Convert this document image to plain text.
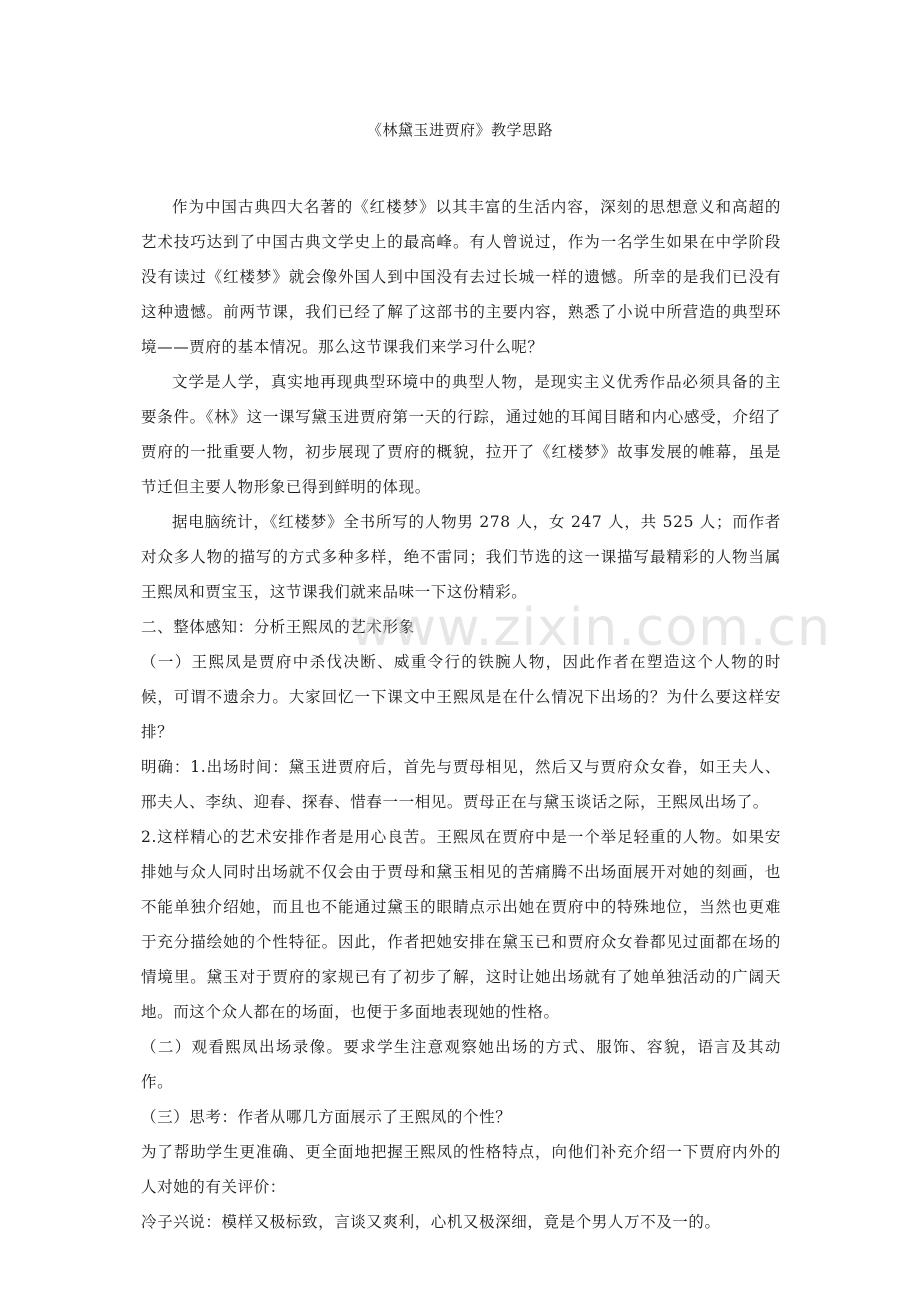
《林黛玉进贾府》教学思路

作为中国古典四大名著的《红楼梦》以其丰富的生活内容，深刻的思想意义和高超的艺术技巧达到了中国古典文学史上的最高峰。有人曾说过，作为一名学生如果在中学阶段没有读过《红楼梦》就会像外国人到中国没有去过长城一样的遗憾。所幸的是我们已没有这种遗憾。前两节课，我们已经了解了这部书的主要内容，熟悉了小说中所营造的典型环境——贾府的基本情况。那么这节课我们来学习什么呢？

文学是人学，真实地再现典型环境中的典型人物，是现实主义优秀作品必须具备的主要条件。《林》这一课写黛玉进贾府第一天的行踪，通过她的耳闻目睹和内心感受，介绍了贾府的一批重要人物，初步展现了贾府的概貌，拉开了《红楼梦》故事发展的帷幕，虽是节迁但主要人物形象已得到鲜明的体现。

据电脑统计，《红楼梦》全书所写的人物男 278 人，女 247 人，共 525 人；而作者对众多人物的描写的方式多种多样，绝不雷同；我们节选的这一课描写最精彩的人物当属王熙凤和贾宝玉，这节课我们就来品味一下这份精彩。

二、整体感知：分析王熙凤的艺术形象

（一）王熙凤是贾府中杀伐决断、威重令行的铁腕人物，因此作者在塑造这个人物的时候，可谓不遗余力。大家回忆一下课文中王熙凤是在什么情况下出场的？为什么要这样安排？

明确：1.出场时间：黛玉进贾府后，首先与贾母相见，然后又与贾府众女眷，如王夫人、邢夫人、李纨、迎春、探春、惜春一一相见。贾母正在与黛玉谈话之际，王熙凤出场了。

2.这样精心的艺术安排作者是用心良苦。王熙凤在贾府中是一个举足轻重的人物。如果安排她与众人同时出场就不仅会由于贾母和黛玉相见的苦痛腾不出场面展开对她的刻画，也不能单独介绍她，而且也不能通过黛玉的眼睛点示出她在贾府中的特殊地位，当然也更难于充分描绘她的个性特征。因此，作者把她安排在黛玉已和贾府众女眷都见过面都在场的情境里。黛玉对于贾府的家规已有了初步了解，这时让她出场就有了她单独活动的广阔天地。而这个众人都在的场面，也便于多面地表现她的性格。

（二）观看熙凤出场录像。要求学生注意观察她出场的方式、服饰、容貌，语言及其动作。

（三）思考：作者从哪几方面展示了王熙凤的个性？

为了帮助学生更准确、更全面地把握王熙凤的性格特点，向他们补充介绍一下贾府内外的人对她的有关评价：

冷子兴说：模样又极标致，言谈又爽利，心机又极深细，竟是个男人万不及一的。

www.zixin.com.cn
